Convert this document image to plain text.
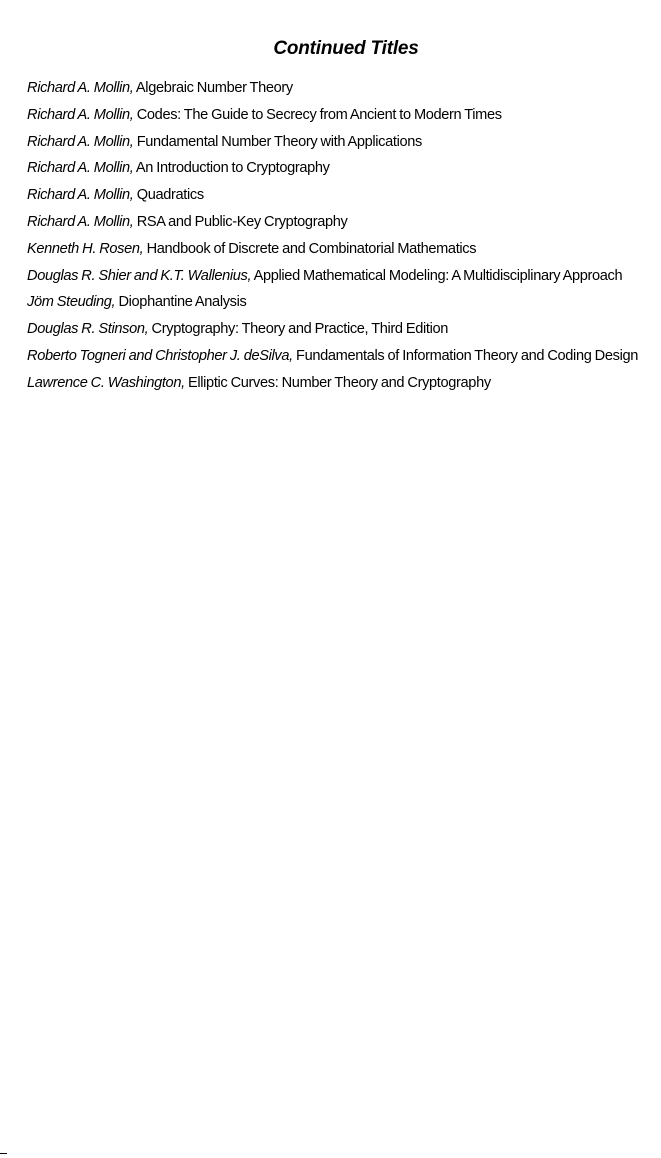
Continued Titles
Richard A. Mollin, Algebraic Number Theory
Richard A. Mollin, Codes: The Guide to Secrecy from Ancient to Modern Times
Richard A. Mollin, Fundamental Number Theory with Applications
Richard A. Mollin, An Introduction to Cryptography
Richard A. Mollin, Quadratics
Richard A. Mollin, RSA and Public-Key Cryptography
Kenneth H. Rosen, Handbook of Discrete and Combinatorial Mathematics
Douglas R. Shier and K.T. Wallenius, Applied Mathematical Modeling: A Multidisciplinary Approach
Jöm Steuding, Diophantine Analysis
Douglas R. Stinson, Cryptography: Theory and Practice, Third Edition
Roberto Togneri and Christopher J. deSilva, Fundamentals of Information Theory and Coding Design
Lawrence C. Washington, Elliptic Curves: Number Theory and Cryptography
